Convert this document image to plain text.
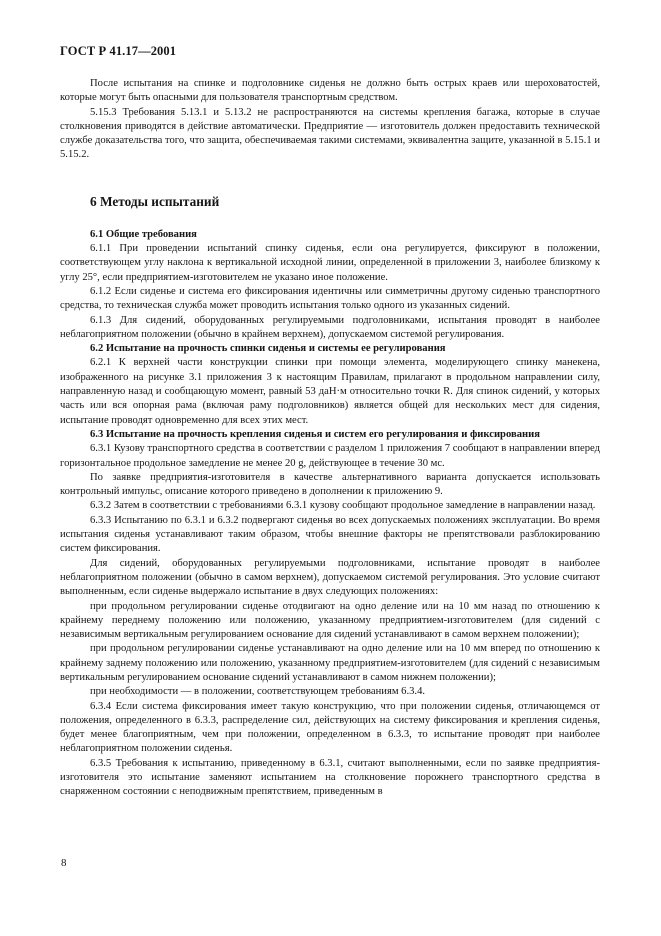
ГОСТ Р 41.17—2001

После испытания на спинке и подголовнике сиденья не должно быть острых краев или шероховатостей, которые могут быть опасными для пользователя транспортным средством.

5.15.3 Требования 5.13.1 и 5.13.2 не распространяются на системы крепления багажа, которые в случае столкновения приводятся в действие автоматически. Предприятие — изготовитель должен предоставить технической службе доказательства того, что защита, обеспечиваемая такими системами, эквивалентна защите, указанной в 5.15.1 и 5.15.2.

6 Методы испытаний

6.1 Общие требования

6.1.1 При проведении испытаний спинку сиденья, если она регулируется, фиксируют в положении, соответствующем углу наклона к вертикальной исходной линии, определенной в приложении 3, наиболее близкому к углу 25°, если предприятием-изготовителем не указано иное положение.

6.1.2 Если сиденье и система его фиксирования идентичны или симметричны другому сиденью транспортного средства, то техническая служба может проводить испытания только одного из указанных сидений.

6.1.3 Для сидений, оборудованных регулируемыми подголовниками, испытания проводят в наиболее неблагоприятном положении (обычно в крайнем верхнем), допускаемом системой регулирования.

6.2 Испытание на прочность спинки сиденья и системы ее регулирования

6.2.1 К верхней части конструкции спинки при помощи элемента, моделирующего спинку манекена, изображенного на рисунке 3.1 приложения 3 к настоящим Правилам, прилагают в продольном направлении силу, направленную назад и сообщающую момент, равный 53 даН·м относительно точки R. Для спинок сидений, у которых часть или вся опорная рама (включая раму подголовников) является общей для нескольких мест для сидения, испытание проводят одновременно для всех этих мест.

6.3 Испытание на прочность крепления сиденья и систем его регулирования и фиксирования

6.3.1 Кузову транспортного средства в соответствии с разделом 1 приложения 7 сообщают в направлении вперед горизонтальное продольное замедление не менее 20 g, действующее в течение 30 мс.

По заявке предприятия-изготовителя в качестве альтернативного варианта допускается использовать контрольный импульс, описание которого приведено в дополнении к приложению 9.

6.3.2 Затем в соответствии с требованиями 6.3.1 кузову сообщают продольное замедление в направлении назад.

6.3.3 Испытанию по 6.3.1 и 6.3.2 подвергают сиденья во всех допускаемых положениях эксплуатации. Во время испытания сиденья устанавливают таким образом, чтобы внешние факторы не препятствовали разблокированию систем фиксирования.

Для сидений, оборудованных регулируемыми подголовниками, испытание проводят в наиболее неблагоприятном положении (обычно в самом верхнем), допускаемом системой регулирования. Это условие считают выполненным, если сиденье выдержало испытание в двух следующих положениях:

при продольном регулировании сиденье отодвигают на одно деление или на 10 мм назад по отношению к крайнему переднему положению или положению, указанному предприятием-изготовителем (для сидений с независимым вертикальным регулированием основание для сидений устанавливают в самом верхнем положении);

при продольном регулировании сиденье устанавливают на одно деление или на 10 мм вперед по отношению к крайнему заднему положению или положению, указанному предприятием-изготовителем (для сидений с независимым вертикальным регулированием основание сидений устанавливают в самом нижнем положении);

при необходимости — в положении, соответствующем требованиям 6.3.4.

6.3.4 Если система фиксирования имеет такую конструкцию, что при положении сиденья, отличающемся от положения, определенного в 6.3.3, распределение сил, действующих на систему фиксирования и крепления сиденья, будет менее благоприятным, чем при положении, определенном в 6.3.3, то испытание проводят при наиболее неблагоприятном положении сиденья.

6.3.5 Требования к испытанию, приведенному в 6.3.1, считают выполненными, если по заявке предприятия-изготовителя это испытание заменяют испытанием на столкновение порожнего транспортного средства в снаряженном состоянии с неподвижным препятствием, приведенным в

8
